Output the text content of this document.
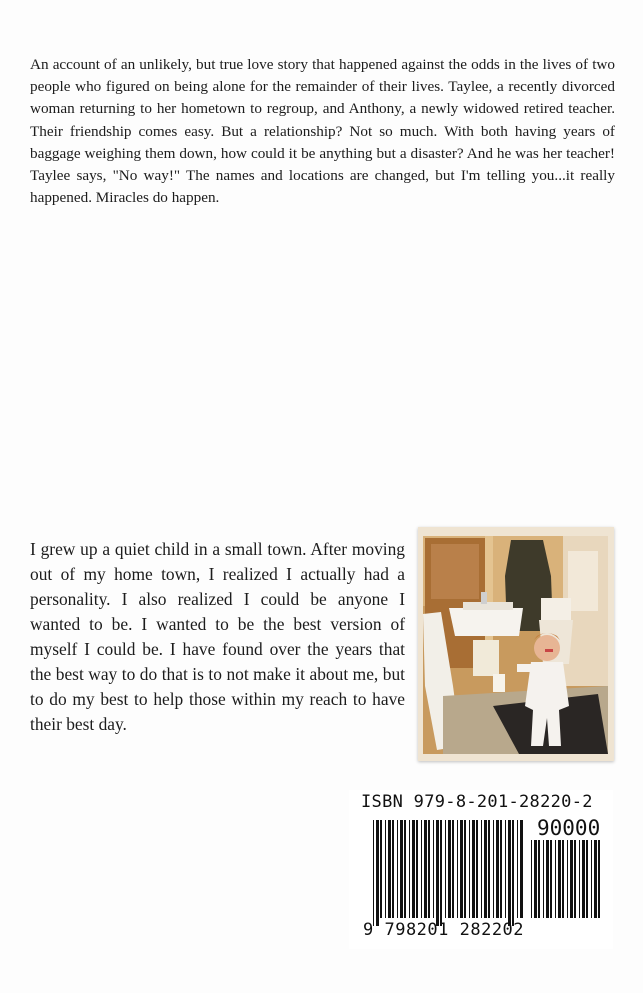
An account of an unlikely, but true love story that happened against the odds in the lives of two people who figured on being alone for the remainder of their lives. Taylee, a recently divorced woman returning to her hometown to regroup, and Anthony, a newly widowed retired teacher. Their friendship comes easy. But a relationship? Not so much. With both having years of baggage weighing them down, how could it be anything but a disaster? And he was her teacher! Taylee says, "No way!" The names and locations are changed, but I'm telling you...it really happened. Miracles do happen.

I grew up a quiet child in a small town. After moving out of my home town, I realized I actually had a personality. I also realized I could be anyone I wanted to be. I wanted to be the best version of myself I could be. I have found over the years that the best way to do that is to not make it about me, but to do my best to help those within my reach to have their best day.

ISBN 979-8-201-28220-2
90000
9 798201 282202
